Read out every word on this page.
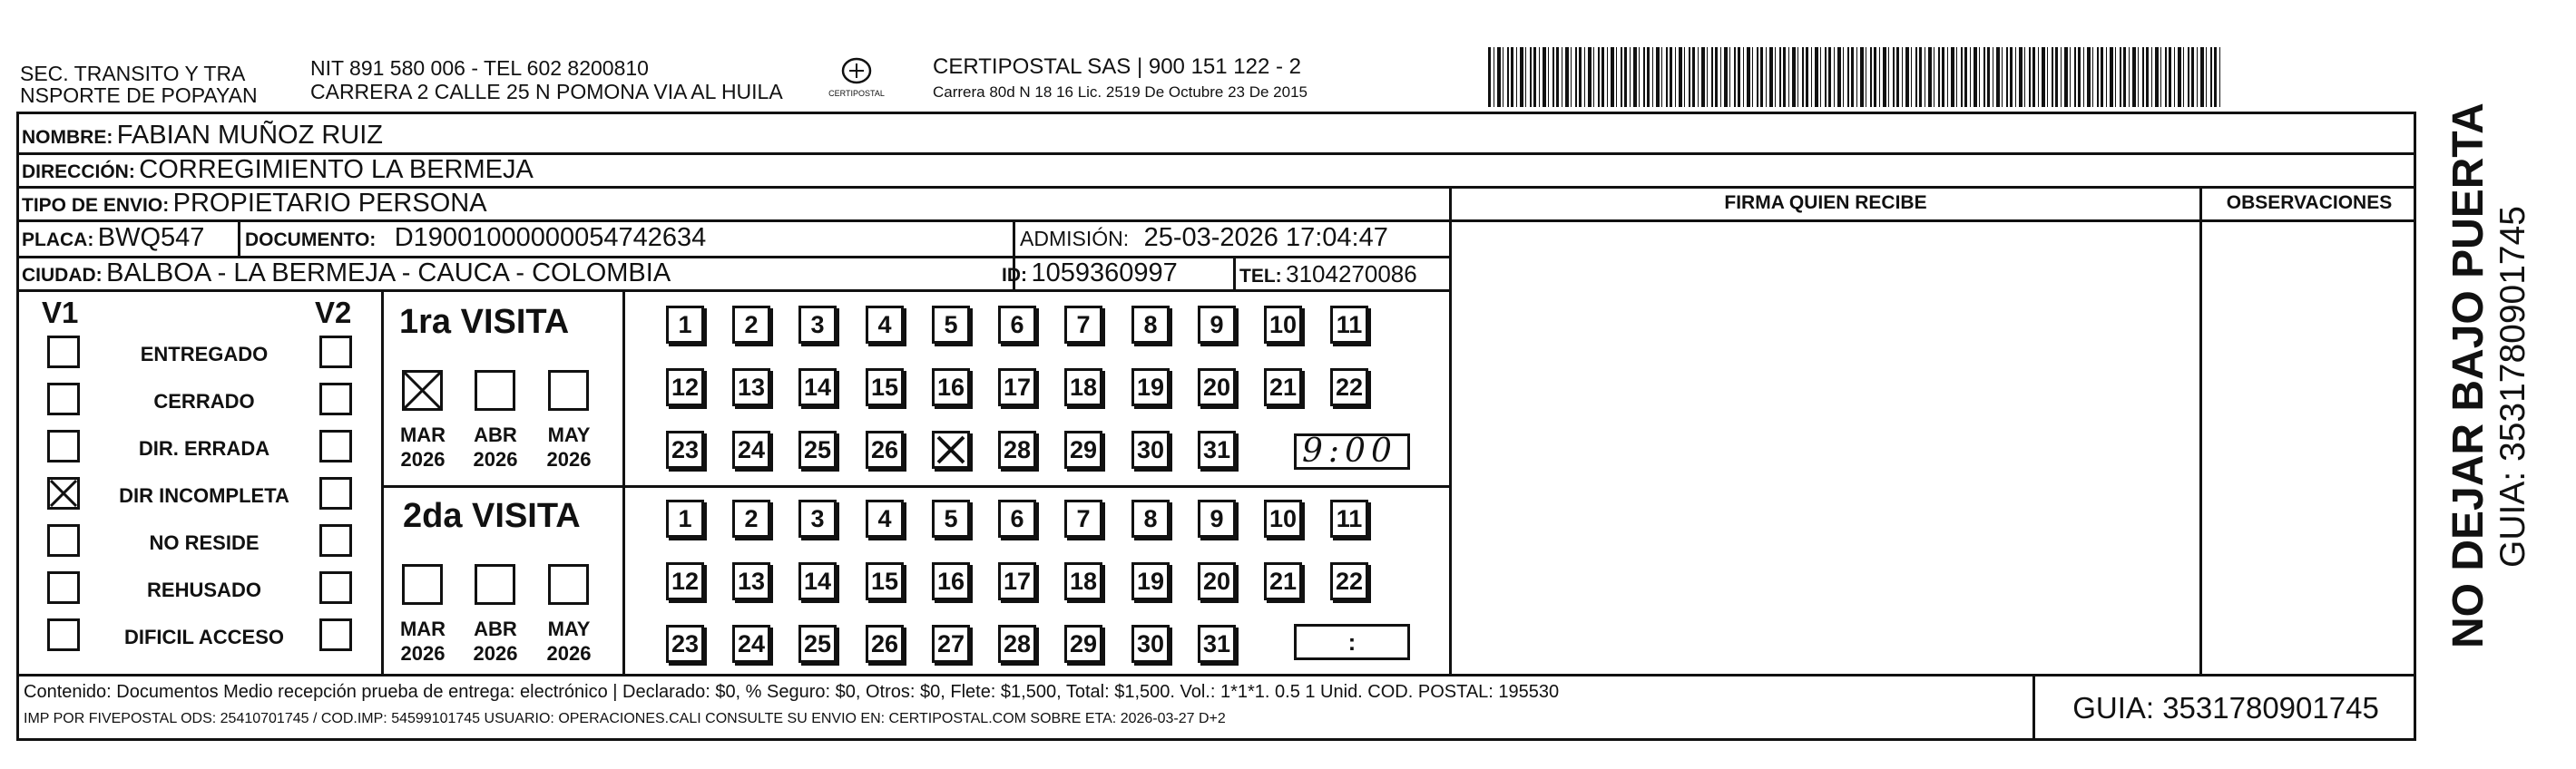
SEC. TRANSITO Y TRA
NSPORTE DE POPAYAN
NIT 891 580 006 - TEL 602 8200810
CARRERA 2 CALLE 25 N POMONA VIA AL HUILA	CERTIPOSTAL
CERTIPOSTAL SAS | 900 151 122 - 2
Carrera 80d N 18 16 Lic. 2519 De Octubre 23 De 2015
FIRMA QUIEN RECIBE	OBSERVACIONES
NOMBRE: FABIAN MUÑOZ RUIZ
DIRECCIÓN: CORREGIMIENTO LA BERMEJA
TIPO DE ENVIO: PROPIETARIO PERSONA
PLACA: BWQ547 DOCUMENTO: D19001000000054742634	ADMISIÓN: 25-03-2026 17:04:47
CIUDAD: BALBOA - LA BERMEJA - CAUCA - COLOMBIA	ID: 1059360997	TEL: 3104270086
V1	V2
ENTREGADO
CERRADO
DIR. ERRADA
DIR INCOMPLETA
NO RESIDE
REHUSADO
DIFICIL ACCESO
1ra VISITA
MAR
2026
ABR
2026
MAY
2026
1	2	3	4	5	6	7	8	9	10 11
12 13 14 15 16 17 18 19 20 21 22
23 24 25 26	28 29 30 31 9:00
2da VISITA
MAR
2026
ABR
2026
MAY
2026
1	2	3	4	5	6	7	8	9	10 11
12 13 14 15 16 17 18 19 20 21 22
23 24 25 26 27 28 29 30 31	:
Contenido: Documentos Medio recepción prueba de entrega: electrónico | Declarado: $0, % Seguro: $0, Otros: $0, Flete: $1,500, Total: $1,500. Vol.: 1*1*1. 0.5 1 Unid. COD. POSTAL: 195530
IMP POR FIVEPOSTAL ODS: 25410701745 / COD.IMP: 54599101745 USUARIO: OPERACIONES.CALI CONSULTE SU ENVIO EN: CERTIPOSTAL.COM SOBRE ETA: 2026-03-27 D+2	GUIA: 3531780901745
NO DEJAR BAJO PUERTA GUIA: 3531780901745
